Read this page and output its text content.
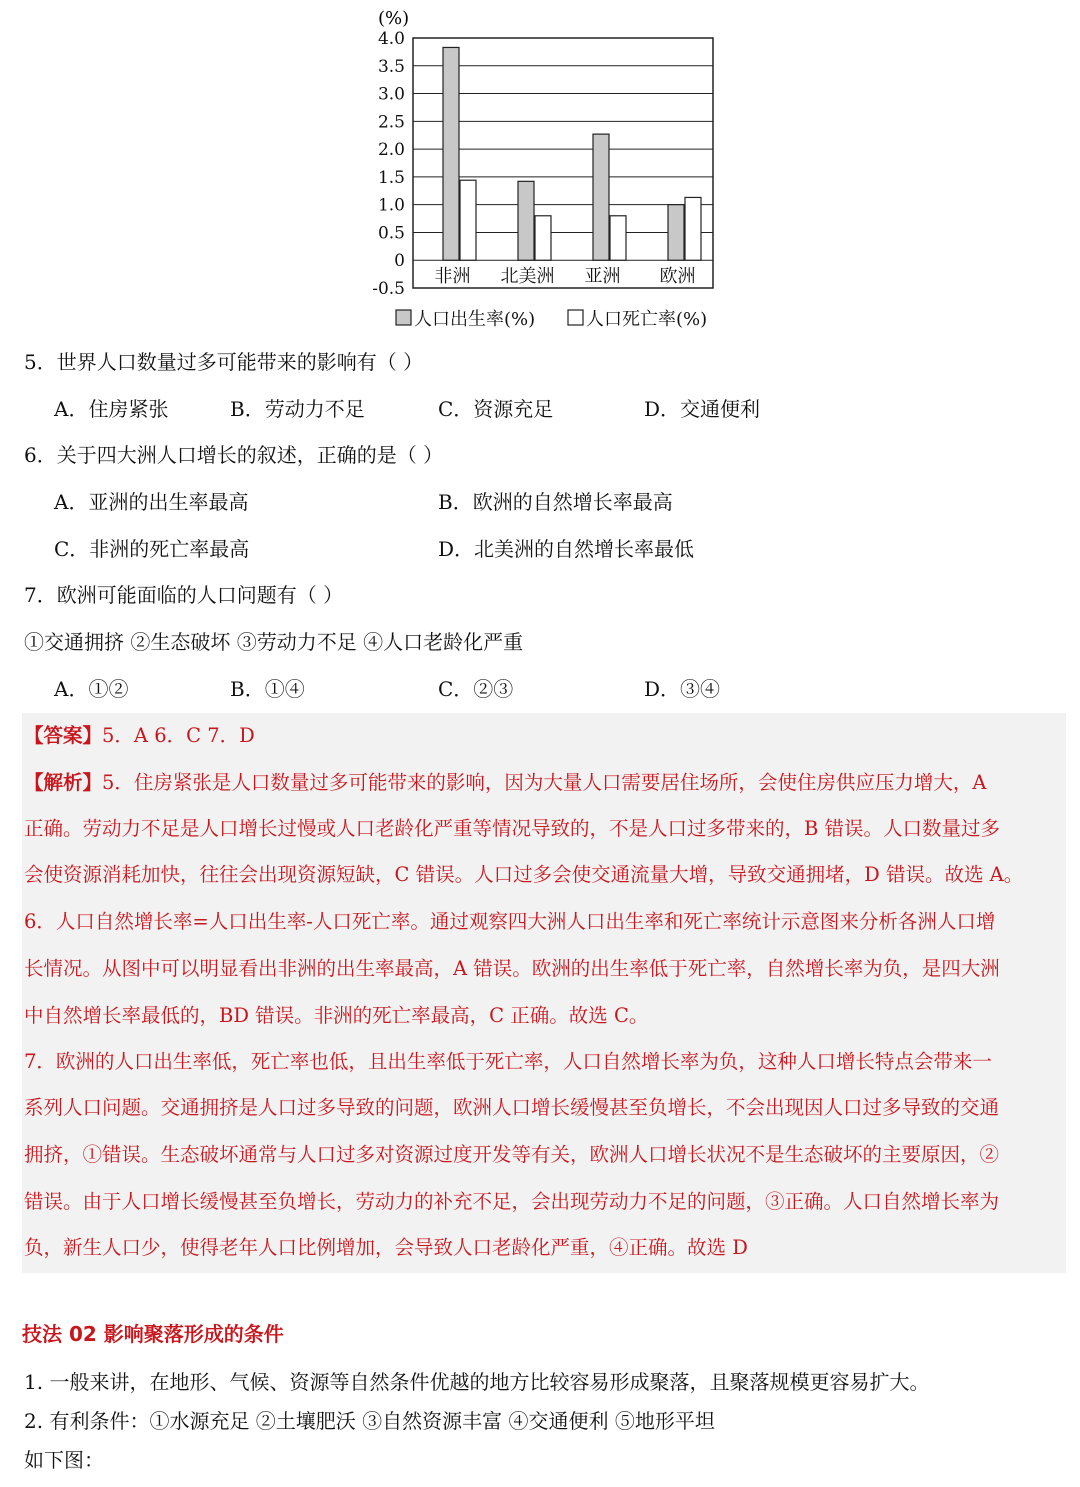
4.0
3.5
3.0
2.5
2.0
1.5
1.0
0.5
0
-0.5
非洲 北美洲 亚洲 欧洲
(%)
人口出生率(%)	人口死亡率(%)
5．世界人口数量过多可能带来的影响有（ ）
A．住房紧张	B．劳动力不足	C．资源充足	D．交通便利
6．关于四大洲人口增长的叙述，正确的是（ ）
A．亚洲的出生率最高	B．欧洲的自然增长率最高
C．非洲的死亡率最高	D．北美洲的自然增长率最低
7．欧洲可能面临的人口问题有（ ）
①交通拥挤 ②生态破坏 ③劳动力不足 ④人口老龄化严重
A．①②	B．①④	C．②③	D．③④
【答案】5．A 6．C 7．D
【解析】5．住房紧张是人口数量过多可能带来的影响，因为大量人口需要居住场所，会使住房供应压力增大，A
正确。劳动力不足是人口增长过慢或人口老龄化严重等情况导致的，不是人口过多带来的，B 错误。人口数量过多
会使资源消耗加快，往往会出现资源短缺，C 错误。人口过多会使交通流量大增，导致交通拥堵，D 错误。故选 A。
6．人口自然增长率=人口出生率-人口死亡率。通过观察四大洲人口出生率和死亡率统计示意图来分析各洲人口增
长情况。从图中可以明显看出非洲的出生率最高，A 错误。欧洲的出生率低于死亡率，自然增长率为负，是四大洲
中自然增长率最低的，BD 错误。非洲的死亡率最高，C 正确。故选 C。
7．欧洲的人口出生率低，死亡率也低，且出生率低于死亡率，人口自然增长率为负，这种人口增长特点会带来一
系列人口问题。交通拥挤是人口过多导致的问题，欧洲人口增长缓慢甚至负增长，不会出现因人口过多导致的交通
拥挤，①错误。生态破坏通常与人口过多对资源过度开发等有关，欧洲人口增长状况不是生态破坏的主要原因，②
错误。由于人口增长缓慢甚至负增长，劳动力的补充不足，会出现劳动力不足的问题，③正确。人口自然增长率为
负，新生人口少，使得老年人口比例增加，会导致人口老龄化严重，④正确。故选 D
技法 02 影响聚落形成的条件
1. 一般来讲，在地形、气候、资源等自然条件优越的地方比较容易形成聚落，且聚落规模更容易扩大。
2. 有利条件：①水源充足 ②土壤肥沃 ③自然资源丰富 ④交通便利 ⑤地形平坦
如下图：
